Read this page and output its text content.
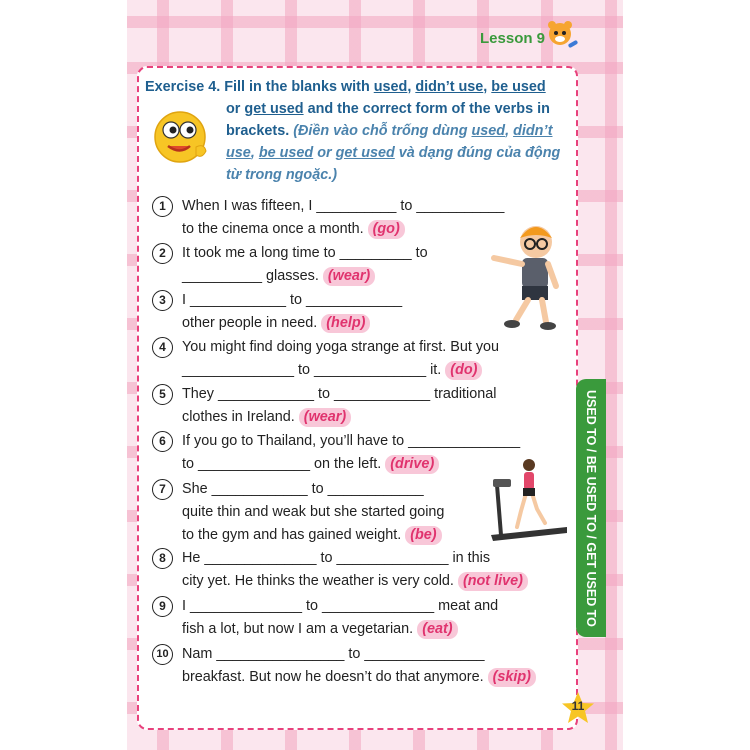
Lesson 9
Exercise 4. Fill in the blanks with used, didn’t use, be used
or get used and the correct form of the verbs in
brackets. (Điền vào chỗ trống dùng used, didn’t
use, be used or get used và dạng đúng của động
từ trong ngoặc.)
1	When I was fifteen, I __________ to ___________
to the cinema once a month. (go)
2	It took me a long time to _________ to
__________ glasses. (wear)
3	I ____________ to ____________
other people in need. (help)
4	You might find doing yoga strange at first. But you
______________ to ______________ it. (do)
5	They ____________ to ____________ traditional
clothes in Ireland. (wear)
6	If you go to Thailand, you’ll have to ______________
to ______________ on the left. (drive)
7	She ____________ to ____________
quite thin and weak but she started going
to the gym and has gained weight. (be)
8	He ______________ to ______________ in this
city yet. He thinks the weather is very cold. (not live)
9	I ______________ to ______________ meat and
fish a lot, but now I am a vegetarian. (eat)
10 Nam ________________ to _______________
breakfast. But now he doesn’t do that anymore. (skip)
USED TO / BE USED TO / GET USED TO
11
